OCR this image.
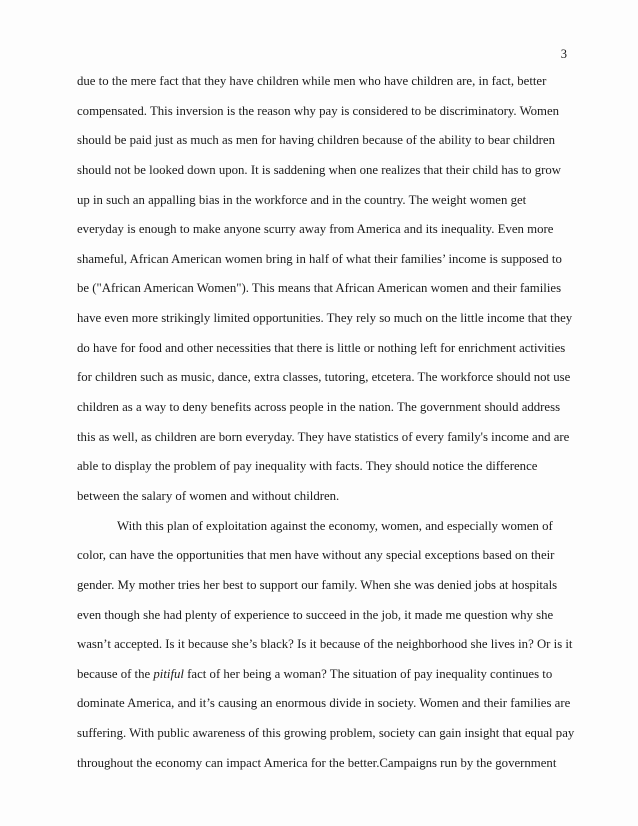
3
due to the mere fact that they have children while men who have children are, in fact, better
compensated. This inversion is the reason why pay is considered to be discriminatory. Women
should be paid just as much as men for having children because of the ability to bear children
should not be looked down upon. It is saddening when one realizes that their child has to grow
up in such an appalling bias in the workforce and in the country. The weight women get
everyday is enough to make anyone scurry away from America and its inequality. Even more
shameful, African American women bring in half of what their families’ income is supposed to
be ("African American Women"). This means that African American women and their families
have even more strikingly limited opportunities. They rely so much on the little income that they
do have for food and other necessities that there is little or nothing left for enrichment activities
for children such as music, dance, extra classes, tutoring, etcetera. The workforce should not use
children as a way to deny benefits across people in the nation. The government should address
this as well, as children are born everyday. They have statistics of every family's income and are
able to display the problem of pay inequality with facts. They should notice the difference
between the salary of women and without children.
With this plan of exploitation against the economy, women, and especially women of
color, can have the opportunities that men have without any special exceptions based on their
gender. My mother tries her best to support our family. When she was denied jobs at hospitals
even though she had plenty of experience to succeed in the job, it made me question why she
wasn’t accepted. Is it because she’s black? Is it because of the neighborhood she lives in? Or is it
because of the pitiful fact of her being a woman? The situation of pay inequality continues to
dominate America, and it’s causing an enormous divide in society. Women and their families are
suffering. With public awareness of this growing problem, society can gain insight that equal pay
throughout the economy can impact America for the better.Campaigns run by the government
